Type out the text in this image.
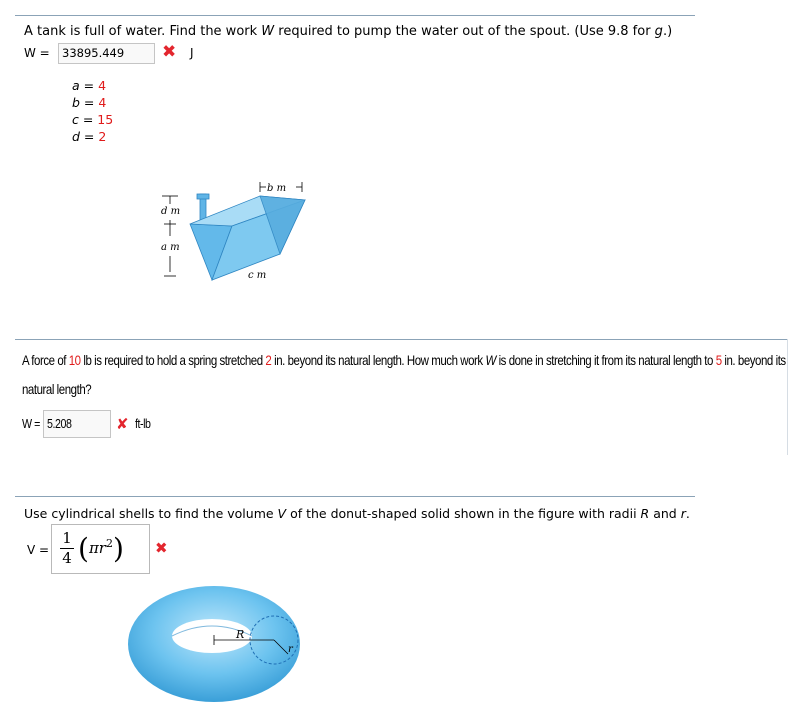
A tank is full of water. Find the work W required to pump the water out of the spout. (Use 9.8 for g.)
W =	33895.449	✖ J
a = 4
b = 4
c = 15
d = 2
b m
d m
a m
c m
A force of 10 lb is required to hold a spring stretched 2 in. beyond its natural length. How much work W is done in stretching it from its natural length to 5 in. beyond its
natural length?
W = 5.208	✘ ft-lb
Use cylindrical shells to find the volume V of the donut-shaped solid shown in the figure with radii R and r.
V =
1
4 $(\pi r^2)$ ✖
R
r
